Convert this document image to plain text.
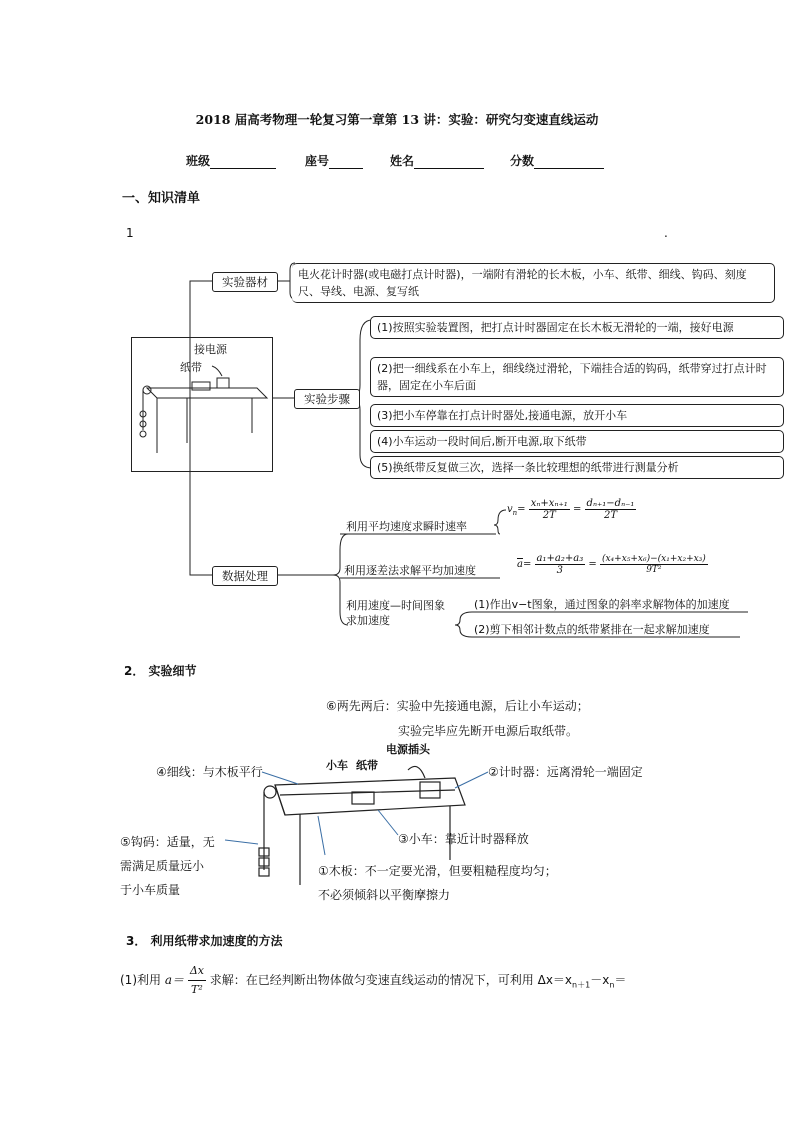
2018 届高考物理一轮复习第一章第 13 讲：实验：研究匀变速直线运动
班级	座号	姓名	分数
一、知识清单
1	.
实验器材
电火花计时器(或电磁打点计时器)，一端附有滑轮的长木板，小车、纸带、细线、钩码、刻度尺、导线、电源、复写纸
接电源
纸带
实验步骤
(1)按照实验装置图，把打点计时器固定在长木板无滑轮的一端，接好电源
(2)把一细线系在小车上，细线绕过滑轮，下端挂合适的钩码，纸带穿过打点计时器，固定在小车后面
(3)把小车停靠在打点计时器处,接通电源，放开小车
(4)小车运动一段时间后,断开电源,取下纸带
(5)换纸带反复做三次，选择一条比较理想的纸带进行测量分析
数据处理
利用平均速度求瞬时速率
$v_n= \frac{\text{xₙ+xₙ₊₁}}{2T} = \frac{\text{dₙ₊₁−dₙ₋₁}}{2T}$
利用逐差法求解平均加速度	$\overline{a}= \frac{\text{a₁+a₂+a₃}}{3} = \frac{\text{(x₄+x₅+x₆)−(x₁+x₂+x₃)}}{\text{9T²}}$
利用速度—时间图象
求加速度
(1)作出v−t图象，通过图象的斜率求解物体的加速度
(2)剪下相邻计数点的纸带紧排在一起求解加速度
2． 实验细节
⑥两先两后：实验中先接通电源，后让小车运动；
实验完毕应先断开电源后取纸带。
电源插头
小车 纸带
④细线：与木板平行	②计时器：远离滑轮一端固定
③小车：靠近计时器释放
⑤钩码：适量，无
需满足质量远小
于小车质量
①木板：不一定要光滑，但要粗糙程度均匀；
不必须倾斜以平衡摩擦力
3． 利用纸带求加速度的方法
(1)利用 $a= \frac{\Delta x}{\text{T²}}$ 求解：在已经判断出物体做匀变速直线运动的情况下，可利用 $\Delta x=x_{n+1}-x_n=$
